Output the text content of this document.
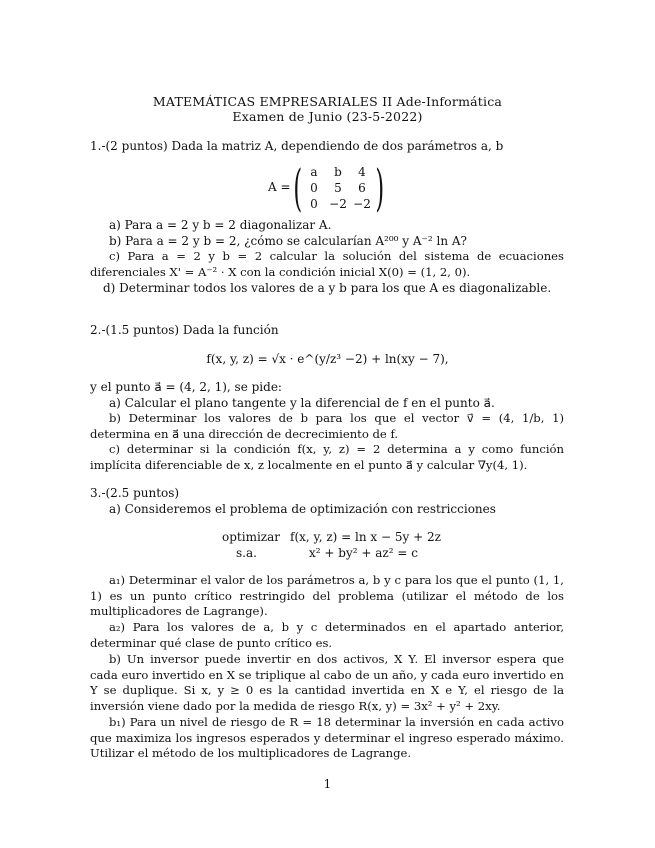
MATEMÁTICAS EMPRESARIALES II Ade-Informática
Examen de Junio (23-5-2022)
1.-(2 puntos) Dada la matriz A, dependiendo de dos parámetros a, b
A = ( a	b	4
0	5	6
0	−2	−2 )
a) Para a = 2 y b = 2 diagonalizar A.
b) Para a = 2 y b = 2, ¿cómo se calcularían A²⁰⁰ y A⁻² ln A?
c) Para a = 2 y b = 2 calcular la solución del sistema de ecuaciones diferenciales X' = A⁻² · X con la condición inicial X(0) = (1, 2, 0).
d) Determinar todos los valores de a y b para los que A es diagonalizable.
2.-(1.5 puntos) Dada la función
f(x, y, z) = √x · e^(y/z³ −2) + ln(xy − 7),
y el punto a⃗ = (4, 2, 1), se pide:
a) Calcular el plano tangente y la diferencial de f en el punto a⃗.
b) Determinar los valores de b para los que el vector v⃗ = (4, 1/b, 1) determina en a⃗ una dirección de decrecimiento de f.
c) determinar si la condición f(x, y, z) = 2 determina a y como función implícita diferenciable de x, z localmente en el punto a⃗ y calcular ∇y(4, 1).
3.-(2.5 puntos)
a) Consideremos el problema de optimización con restricciones
optimizar f(x, y, z) = ln x − 5y + 2z
s.a.	x² + by² + az² = c
a₁) Determinar el valor de los parámetros a, b y c para los que el punto (1, 1, 1) es un punto crítico restringido del problema (utilizar el método de los multiplicadores de Lagrange).
a₂) Para los valores de a, b y c determinados en el apartado anterior, determinar qué clase de punto crítico es.
b) Un inversor puede invertir en dos activos, X Y. El inversor espera que cada euro invertido en X se triplique al cabo de un año, y cada euro invertido en Y se duplique. Si x, y ≥ 0 es la cantidad invertida en X e Y, el riesgo de la inversión viene dado por la medida de riesgo R(x, y) = 3x² + y² + 2xy.
b₁) Para un nivel de riesgo de R = 18 determinar la inversión en cada activo que maximiza los ingresos esperados y determinar el ingreso esperado máximo. Utilizar el método de los multiplicadores de Lagrange.
1
